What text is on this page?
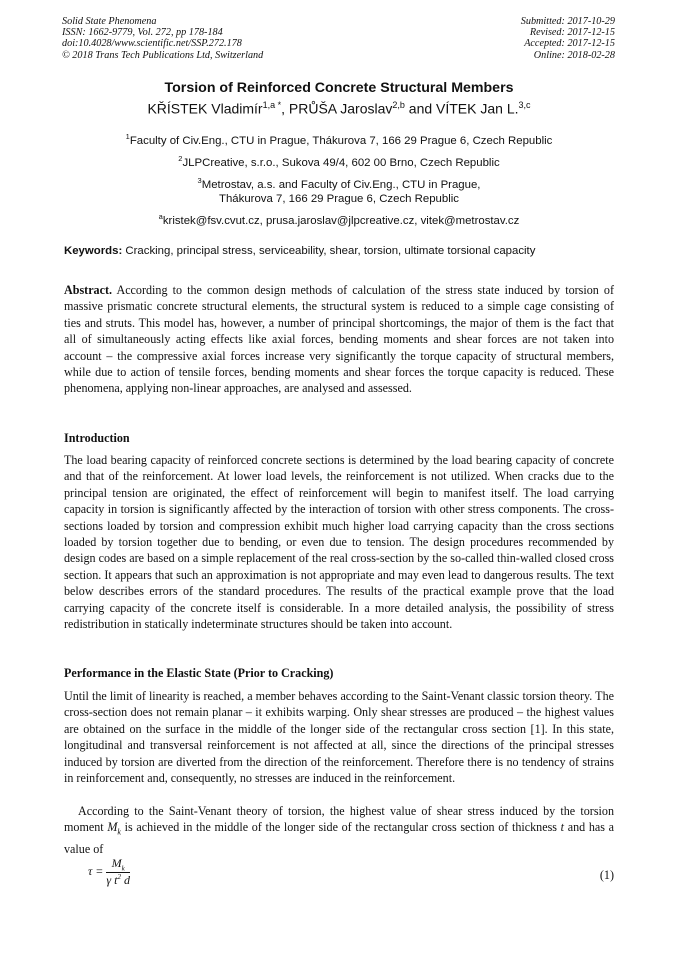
Solid State Phenomena
ISSN: 1662-9779, Vol. 272, pp 178-184
doi:10.4028/www.scientific.net/SSP.272.178
© 2018 Trans Tech Publications Ltd, Switzerland
Submitted: 2017-10-29
Revised: 2017-12-15
Accepted: 2017-12-15
Online: 2018-02-28
Torsion of Reinforced Concrete Structural Members
KŘÍSTEK Vladimír$^{1,a *}$, PRŮŠA Jaroslav$^{2,b}$ and VÍTEK Jan L.$^{3,c}$
$^1$Faculty of Civ.Eng., CTU in Prague, Thákurova 7, 166 29 Prague 6, Czech Republic
$^2$JLPCreative, s.r.o., Sukova 49/4, 602 00 Brno, Czech Republic
$^3$Metrostav, a.s. and Faculty of Civ.Eng., CTU in Prague,
Thákurova 7, 166 29 Prague 6, Czech Republic
$^a$kristek@fsv.cvut.cz, prusa.jaroslav@jlpcreative.cz, vitek@metrostav.cz
Keywords: Cracking, principal stress, serviceability, shear, torsion, ultimate torsional capacity
Abstract. According to the common design methods of calculation of the stress state induced by torsion of massive prismatic concrete structural elements, the structural system is reduced to a simple cage consisting of ties and struts. This model has, however, a number of principal shortcomings, the major of them is the fact that all of simultaneously acting effects like axial forces, bending moments and shear forces are not taken into account – the compressive axial forces increase very significantly the torque capacity of structural members, while due to action of tensile forces, bending moments and shear forces the torque capacity is reduced. These phenomena, applying non-linear approaches, are analysed and assessed.
Introduction
The load bearing capacity of reinforced concrete sections is determined by the load bearing capacity of concrete and that of the reinforcement. At lower load levels, the reinforcement is not utilized. When cracks due to the principal tension are originated, the effect of reinforcement will begin to manifest itself. The load carrying capacity in torsion is significantly affected by the interaction of torsion with other stress components. The cross-sections loaded by torsion and compression exhibit much higher load carrying capacity than the cross sections loaded by torsion together due to bending, or even due to tension. The design procedures recommended by design codes are based on a simple replacement of the real cross-section by the so-called thin-walled closed cross section. It appears that such an approximation is not appropriate and may even lead to dangerous results. The text below describes errors of the standard procedures. The results of the practical example prove that the load carrying capacity of the concrete itself is considerable. In a more detailed analysis, the possibility of stress redistribution in statically indeterminate structures should be taken into account.
Performance in the Elastic State (Prior to Cracking)
Until the limit of linearity is reached, a member behaves according to the Saint-Venant classic torsion theory. The cross-section does not remain planar – it exhibits warping. Only shear stresses are produced – the highest values are obtained on the surface in the middle of the longer side of the rectangular cross section [1]. In this state, longitudinal and transversal reinforcement is not affected at all, since the directions of the principal stresses induced by torsion are diverted from the direction of the reinforcement. Therefore there is no tendency of strains in reinforcement and, consequently, no stresses are induced in the reinforcement.
According to the Saint-Venant theory of torsion, the highest value of shear stress induced by the torsion moment $M_k$ is achieved in the middle of the longer side of the rectangular cross section of thickness t and has a value of
$\tau = \frac{M_k}{\gamma t^2 d}$	(1)
